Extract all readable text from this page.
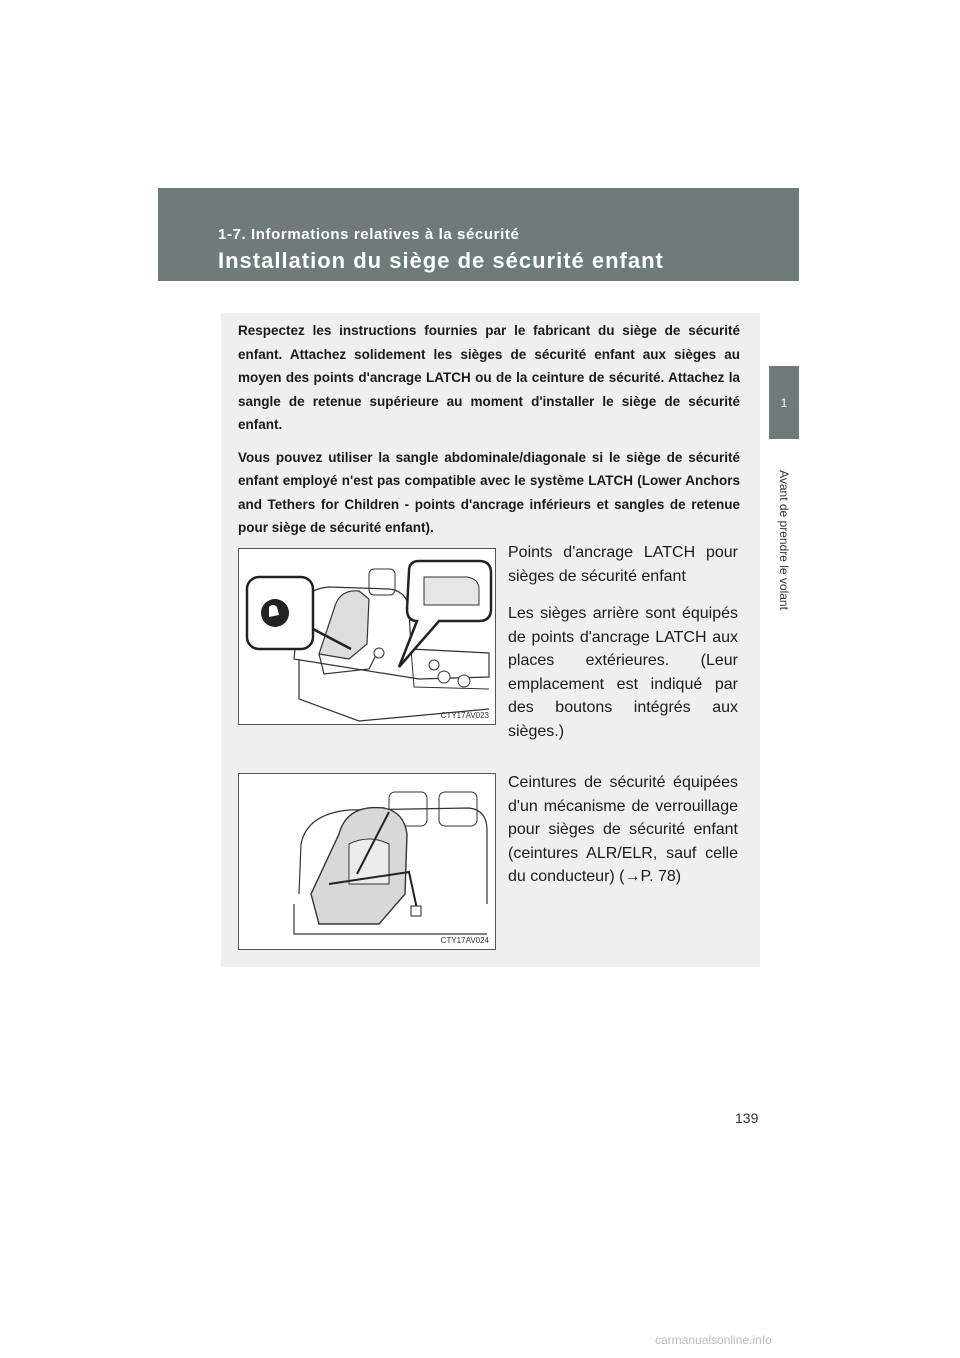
1-7. Informations relatives à la sécurité
Installation du siège de sécurité enfant
1
Avant de prendre le volant

Respectez les instructions fournies par le fabricant du siège de sécurité enfant. Attachez solidement les sièges de sécurité enfant aux sièges au moyen des points d'ancrage LATCH ou de la ceinture de sécurité. Attachez la sangle de retenue supérieure au moment d'installer le siège de sécurité enfant.

Vous pouvez utiliser la sangle abdominale/diagonale si le siège de sécurité enfant employé n'est pas compatible avec le système LATCH (Lower Anchors and Tethers for Children - points d'ancrage inférieurs et sangles de retenue pour siège de sécurité enfant).

CTY17AV023

Points d'ancrage LATCH pour sièges de sécurité enfant

Les sièges arrière sont équipés de points d'ancrage LATCH aux places extérieures. (Leur emplacement est indiqué par des boutons intégrés aux sièges.)

CTY17AV024

Ceintures de sécurité équipées d'un mécanisme de verrouillage pour sièges de sécurité enfant (ceintures ALR/ELR, sauf celle du conducteur) (→P. 78)

139
carmanualsonline.info
